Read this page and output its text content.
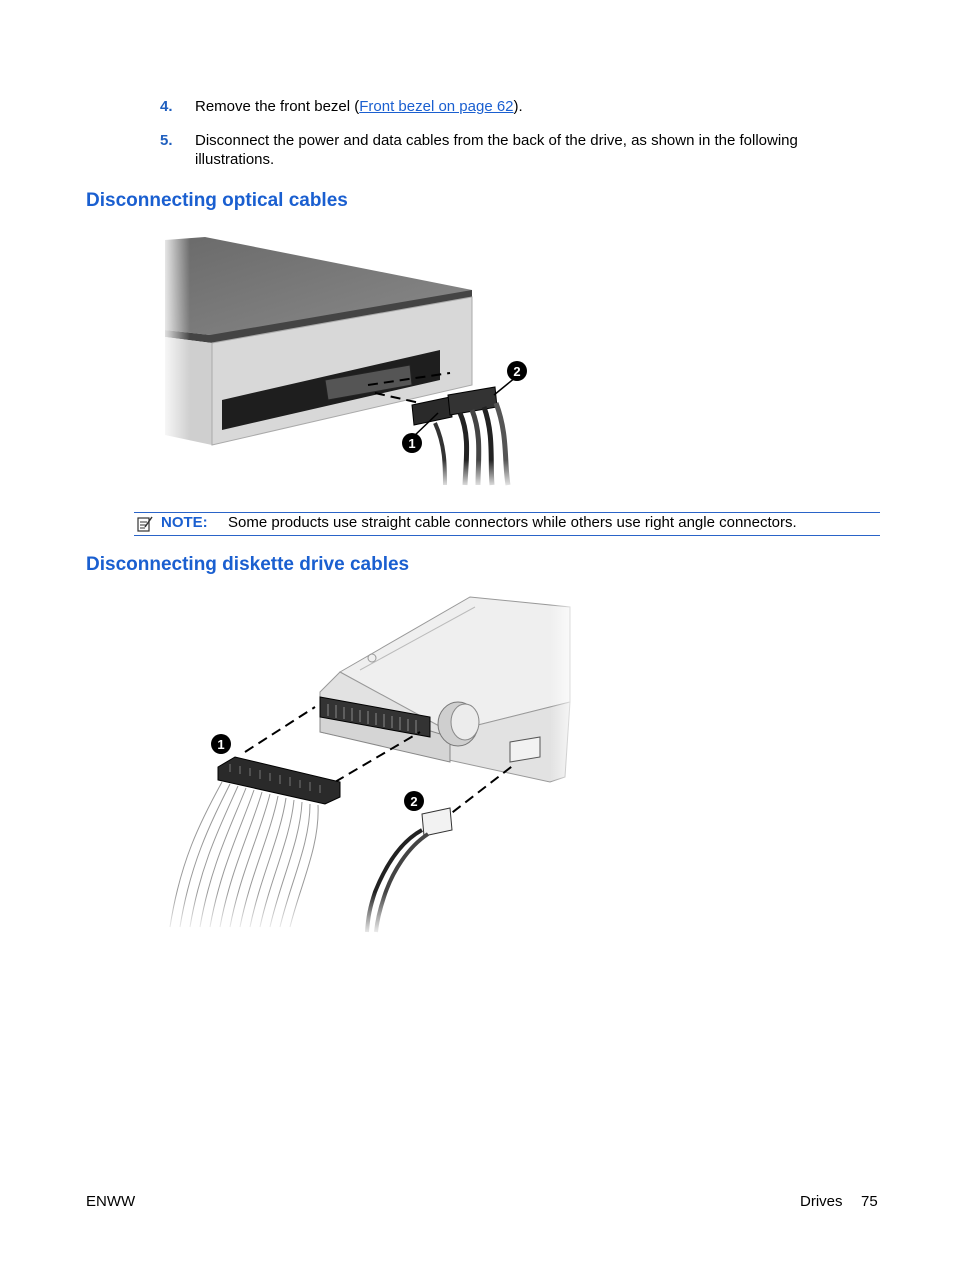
4.	Remove the front bezel (Front bezel on page 62).
5.	Disconnect the power and data cables from the back of the drive, as shown in the following illustrations.
Disconnecting optical cables
1
2
NOTE: Some products use straight cable connectors while others use right angle connectors.
Disconnecting diskette drive cables
1
2
ENWW	Drives 75
